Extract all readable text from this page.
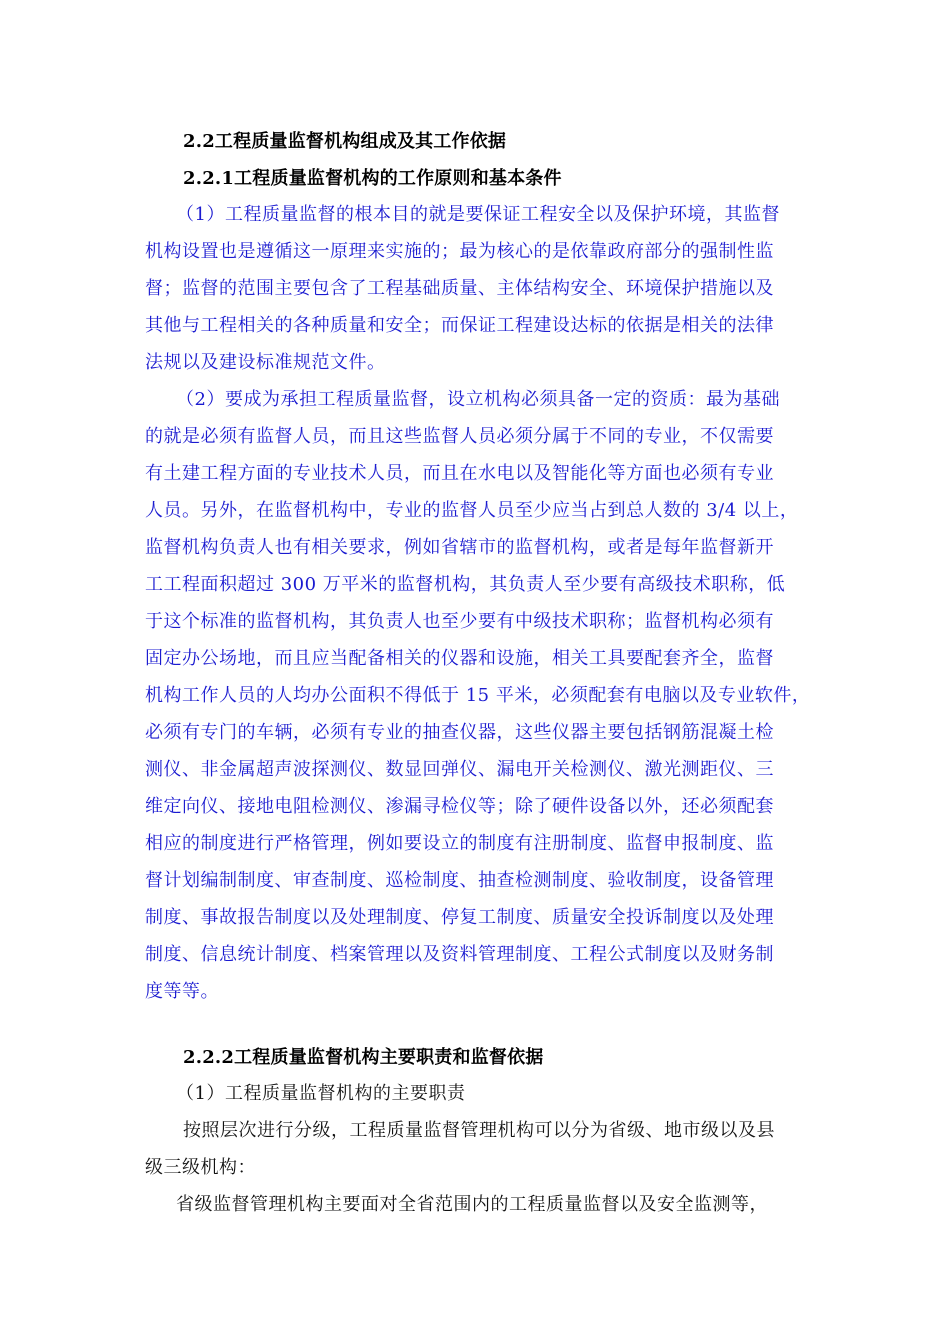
2.2工程质量监督机构组成及其工作依据
2.2.1工程质量监督机构的工作原则和基本条件
（1）工程质量监督的根本目的就是要保证工程安全以及保护环境，其监督
机构设置也是遵循这一原理来实施的；最为核心的是依靠政府部分的强制性监
督；监督的范围主要包含了工程基础质量、主体结构安全、环境保护措施以及
其他与工程相关的各种质量和安全；而保证工程建设达标的依据是相关的法律
法规以及建设标准规范文件。
（2）要成为承担工程质量监督，设立机构必须具备一定的资质：最为基础
的就是必须有监督人员，而且这些监督人员必须分属于不同的专业，不仅需要
有土建工程方面的专业技术人员，而且在水电以及智能化等方面也必须有专业
人员。另外，在监督机构中，专业的监督人员至少应当占到总人数的 3/4 以上，
监督机构负责人也有相关要求，例如省辖市的监督机构，或者是每年监督新开
工工程面积超过 300 万平米的监督机构，其负责人至少要有高级技术职称，低
于这个标准的监督机构，其负责人也至少要有中级技术职称；监督机构必须有
固定办公场地，而且应当配备相关的仪器和设施，相关工具要配套齐全，监督
机构工作人员的人均办公面积不得低于 15 平米，必须配套有电脑以及专业软件，
必须有专门的车辆，必须有专业的抽查仪器，这些仪器主要包括钢筋混凝土检
测仪、非金属超声波探测仪、数显回弹仪、漏电开关检测仪、激光测距仪、三
维定向仪、接地电阻检测仪、渗漏寻检仪等；除了硬件设备以外，还必须配套
相应的制度进行严格管理，例如要设立的制度有注册制度、监督申报制度、监
督计划编制制度、审查制度、巡检制度、抽查检测制度、验收制度，设备管理
制度、事故报告制度以及处理制度、停复工制度、质量安全投诉制度以及处理
制度、信息统计制度、档案管理以及资料管理制度、工程公式制度以及财务制
度等等。
2.2.2工程质量监督机构主要职责和监督依据
（1）工程质量监督机构的主要职责
按照层次进行分级，工程质量监督管理机构可以分为省级、地市级以及县
级三级机构：
省级监督管理机构主要面对全省范围内的工程质量监督以及安全监测等，
